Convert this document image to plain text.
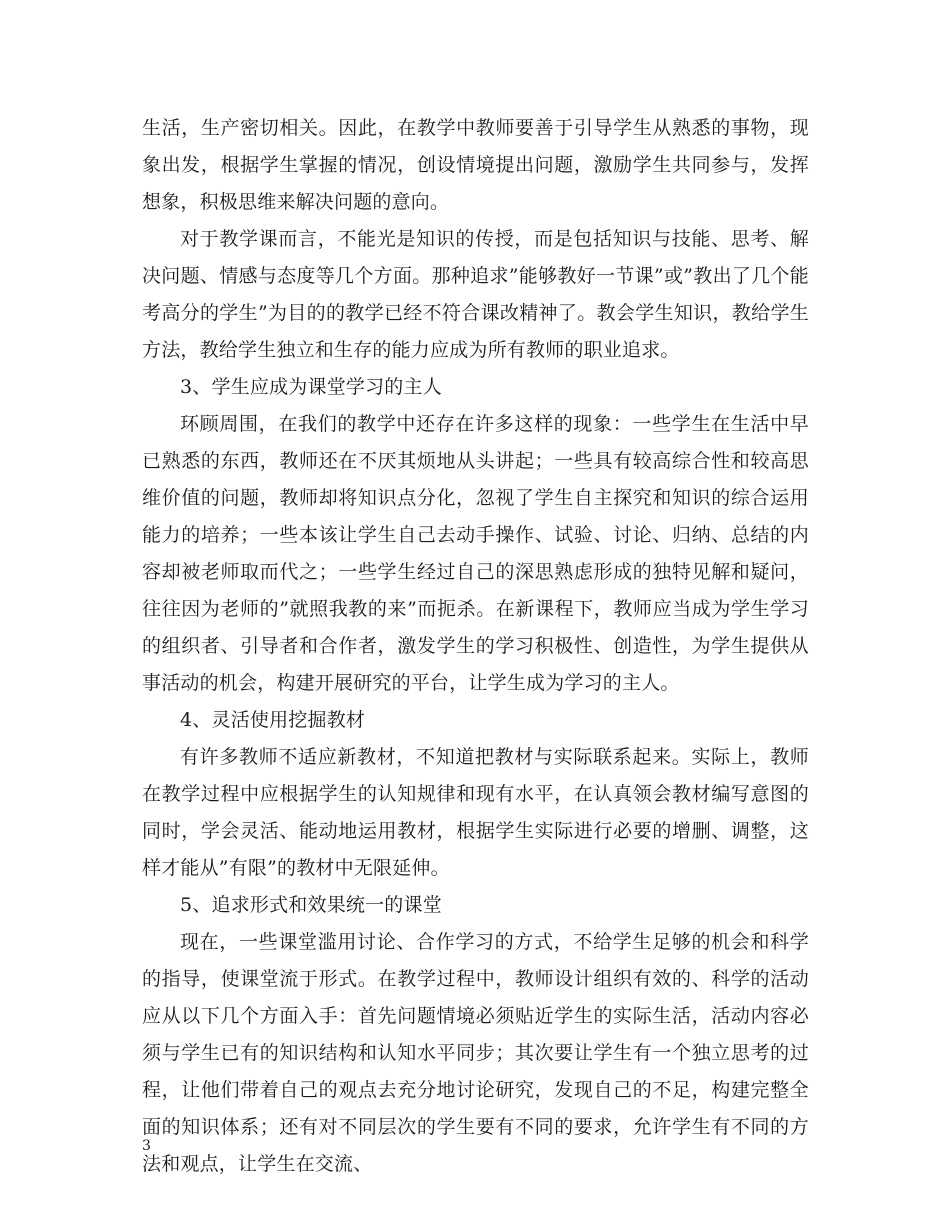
生活，生产密切相关。因此，在教学中教师要善于引导学生从熟悉的事物，现象出发，根据学生掌握的情况，创设情境提出问题，激励学生共同参与，发挥想象，积极思维来解决问题的意向。

对于教学课而言，不能光是知识的传授，而是包括知识与技能、思考、解决问题、情感与态度等几个方面。那种追求”能够教好一节课”或”教出了几个能考高分的学生”为目的的教学已经不符合课改精神了。教会学生知识，教给学生方法，教给学生独立和生存的能力应成为所有教师的职业追求。

3、学生应成为课堂学习的主人

环顾周围，在我们的教学中还存在许多这样的现象：一些学生在生活中早已熟悉的东西，教师还在不厌其烦地从头讲起；一些具有较高综合性和较高思维价值的问题，教师却将知识点分化，忽视了学生自主探究和知识的综合运用能力的培养；一些本该让学生自己去动手操作、试验、讨论、归纳、总结的内容却被老师取而代之；一些学生经过自己的深思熟虑形成的独特见解和疑问，往往因为老师的”就照我教的来”而扼杀。在新课程下，教师应当成为学生学习的组织者、引导者和合作者，激发学生的学习积极性、创造性，为学生提供从事活动的机会，构建开展研究的平台，让学生成为学习的主人。

4、灵活使用挖掘教材

有许多教师不适应新教材，不知道把教材与实际联系起来。实际上，教师在教学过程中应根据学生的认知规律和现有水平，在认真领会教材编写意图的同时，学会灵活、能动地运用教材，根据学生实际进行必要的增删、调整，这样才能从”有限”的教材中无限延伸。

5、追求形式和效果统一的课堂

现在，一些课堂滥用讨论、合作学习的方式，不给学生足够的机会和科学的指导，使课堂流于形式。在教学过程中，教师设计组织有效的、科学的活动应从以下几个方面入手：首先问题情境必须贴近学生的实际生活，活动内容必须与学生已有的知识结构和认知水平同步；其次要让学生有一个独立思考的过程，让他们带着自己的观点去充分地讨论研究，发现自己的不足，构建完整全面的知识体系；还有对不同层次的学生要有不同的要求，允许学生有不同的方法和观点，让学生在交流、

3
